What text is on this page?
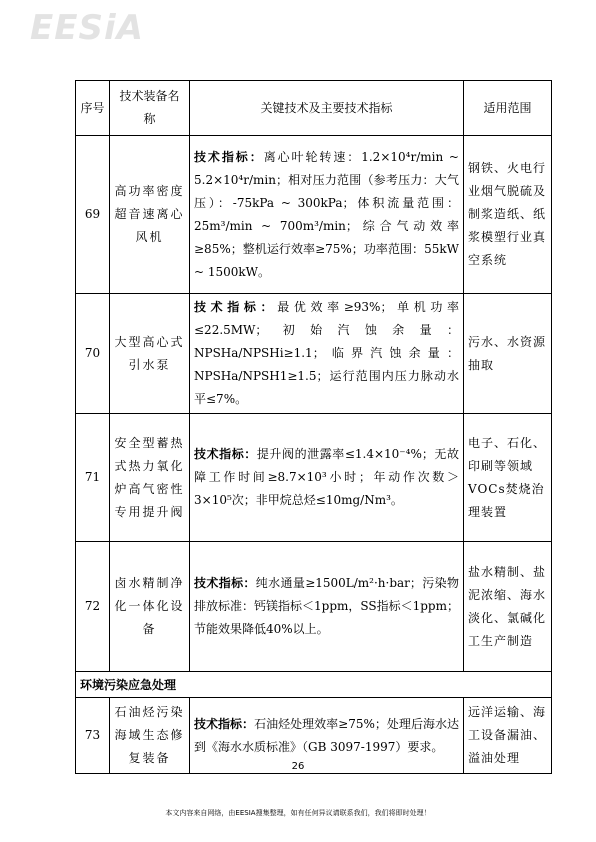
EESiA
序号	技术装备名称	关键技术及主要技术指标	适用范围
69	高功率密度超音速离心风机	技术指标：离心叶轮转速：1.2×10⁴r/min ~ 5.2×10⁴r/min；相对压力范围（参考压力：大气压）：-75kPa ~ 300kPa；体积流量范围：25m³/min ~ 700m³/min；综合气动效率≥85%；整机运行效率≥75%；功率范围：55kW ~ 1500kW。	钢铁、火电行业烟气脱硫及制浆造纸、纸浆模塑行业真空系统
70	大型高心式引水泵	技术指标：最优效率≥93%；单机功率≤22.5MW；初始汽蚀余量：NPSHa/NPSHi≥1.1；临界汽蚀余量：NPSHa/NPSH1≥1.5；运行范围内压力脉动水平≤7%。	污水、水资源抽取
71	安全型蓄热式热力氧化炉高气密性专用提升阀	技术指标：提升阀的泄露率≤1.4×10⁻⁴%；无故障工作时间≥8.7×10³小时；年动作次数＞3×10⁵次；非甲烷总烃≤10mg/Nm³。	电子、石化、印刷等领域VOCs焚烧治理装置
72	卤水精制净化一体化设备	技术指标：纯水通量≥1500L/m²·h·bar；污染物排放标准：钙镁指标＜1ppm，SS指标＜1ppm；节能效果降低40%以上。	盐水精制、盐泥浓缩、海水淡化、氯碱化工生产制造
环境污染应急处理			
73	石油烃污染海域生态修复装备	技术指标：石油烃处理效率≥75%；处理后海水达到《海水水质标准》（GB 3097-1997）要求。	远洋运输、海工设备漏油、溢油处理
26
本文内容来自网络，由EESIA搜集整理，如有任何异议请联系我们，我们将即时处理！
